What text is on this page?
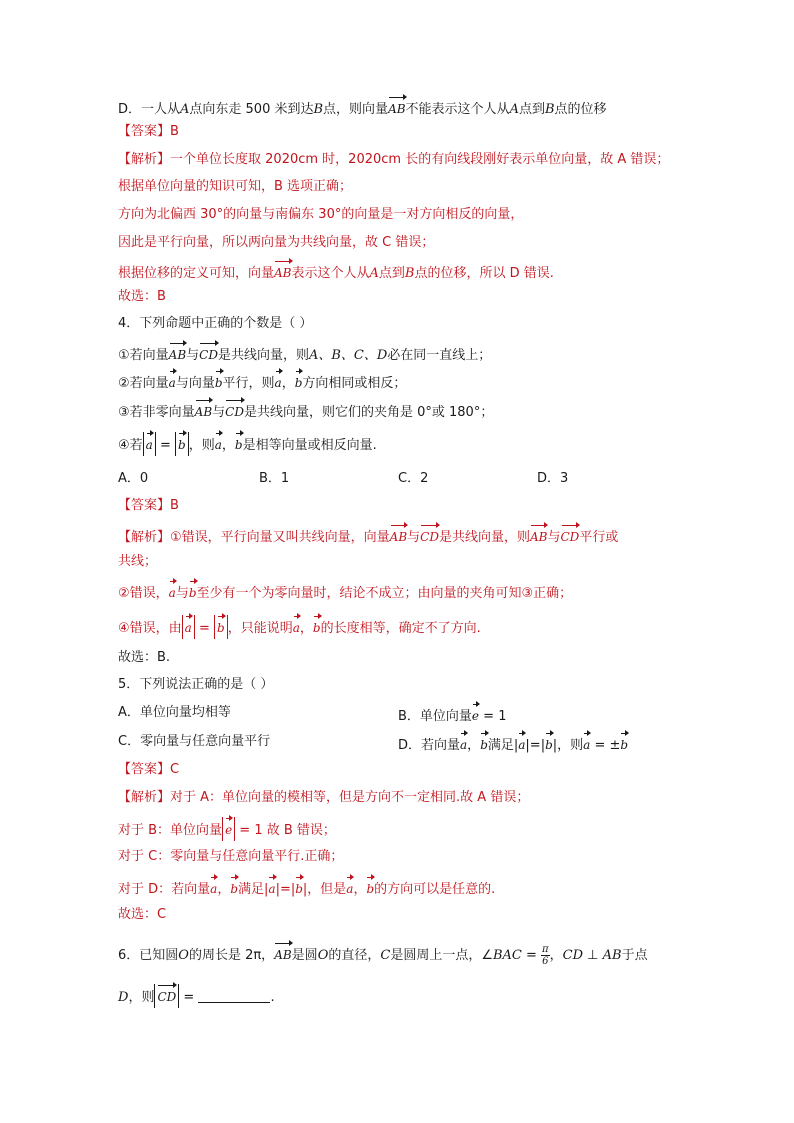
D．一人从A点向东走 500 米到达B点，则向量AB不能表示这个人从A点到B点的位移
【答案】B
【解析】一个单位长度取 2020cm 时，2020cm 长的有向线段刚好表示单位向量，故 A 错误；
根据单位向量的知识可知，B 选项正确；
方向为北偏西 30°的向量与南偏东 30°的向量是一对方向相反的向量，
因此是平行向量，所以两向量为共线向量，故 C 错误；
根据位移的定义可知，向量AB表示这个人从A点到B点的位移，所以 D 错误.
故选：B
4．下列命题中正确的个数是（ ）
①若向量AB与CD是共线向量，则A、B、C、D必在同一直线上；
②若向量a与向量b平行，则a，b方向相同或相反；
③若非零向量AB与CD是共线向量，则它们的夹角是 0°或 180°；
④若 a = b ，则a，b是相等向量或相反向量.
A．0	B．1	C．2	D．3
【答案】B
【解析】①错误，平行向量又叫共线向量，向量AB与CD是共线向量，则AB与CD平行或
共线；
②错误，a与b至少有一个为零向量时，结论不成立；由向量的夹角可知③正确；
④错误，由 a = b ，只能说明a，b的长度相等，确定不了方向.
故选：B.
5．下列说法正确的是（ ）
A．单位向量均相等	B．单位向量e = 1
C．零向量与任意向量平行	D．若向量a，b满足|a|=|b|，则a = ±b
【答案】C
【解析】对于 A：单位向量的模相等，但是方向不一定相同.故 A 错误；
对于 B：单位向量 e = 1 故 B 错误；
对于 C：零向量与任意向量平行.正确；
对于 D：若向量a，b满足|a|=|b|，但是a，b的方向可以是任意的.
故选：C
6．已知圆O的周长是 2π，AB是圆O的直径，C是圆周上一点，∠BAC = $\frac{\pi}{6}$ ，CD ⊥ AB于点
D，则 CD =	.
